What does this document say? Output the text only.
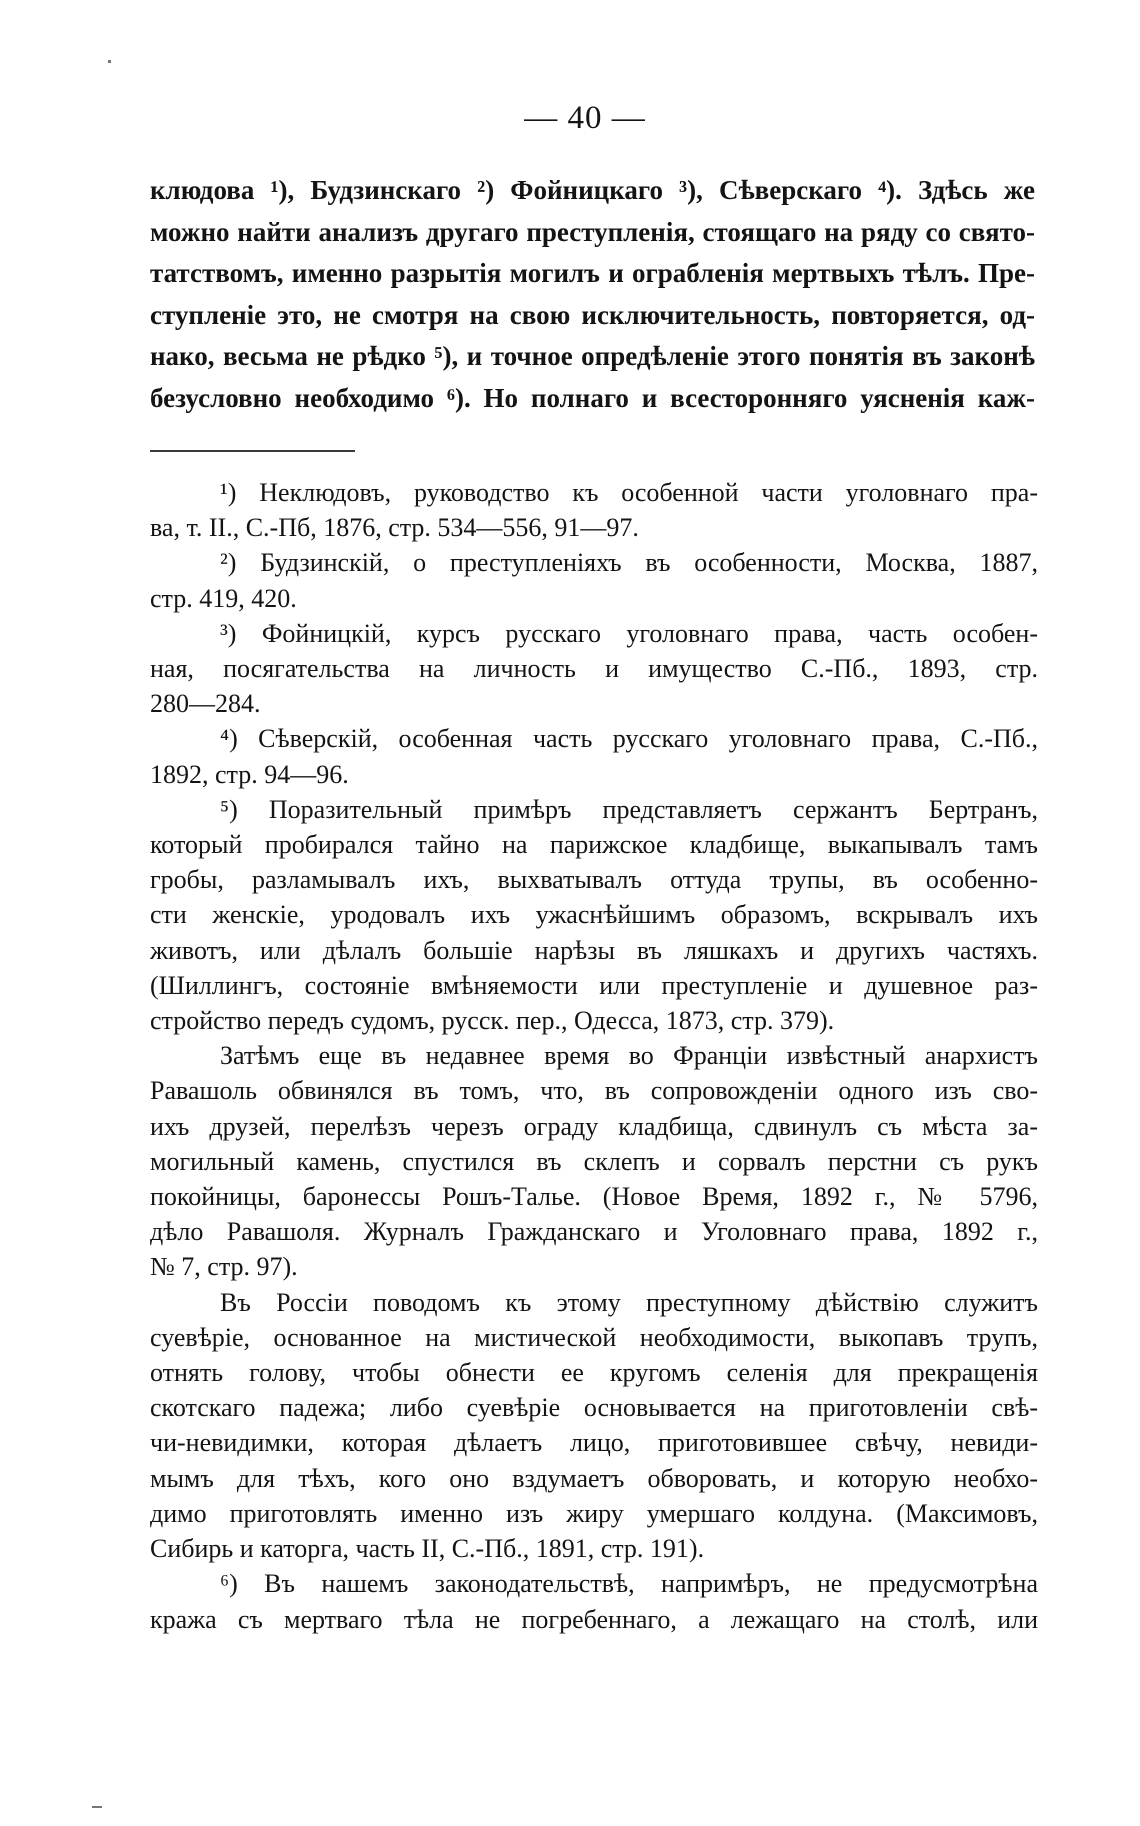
— 40 —
клюдова ¹), Будзинскаго ²) Фойницкаго ³), Сѣверскаго ⁴). Здѣсь же
можно найти анализъ другаго преступленія, стоящаго на ряду со свято-
татствомъ, именно разрытія могилъ и ограбленія мертвыхъ тѣлъ. Пре-
ступленіе это, не смотря на свою исключительность, повторяется, од-
нако, весьма не рѣдко ⁵), и точное опредѣленіе этого понятія въ законѣ
безусловно необходимо ⁶). Но полнаго и всесторонняго уясненія каж-
¹) Неклюдовъ, руководство къ особенной части уголовнаго пра-
ва, т. II., С.-Пб, 1876, стр. 534—556, 91—97.
²) Будзинскій, о преступленіяхъ въ особенности, Москва, 1887,
стр. 419, 420.
³) Фойницкій, курсъ русскаго уголовнаго права, часть особен-
ная, посягательства на личность и имущество С.-Пб., 1893, стр.
280—284.
⁴) Сѣверскій, особенная часть русскаго уголовнаго права, С.-Пб.,
1892, стр. 94—96.
⁵) Поразительный примѣръ представляетъ сержантъ Бертранъ,
который пробирался тайно на парижское кладбище, выкапывалъ тамъ
гробы, разламывалъ ихъ, выхватывалъ оттуда трупы, въ особенно-
сти женскіе, уродовалъ ихъ ужаснѣйшимъ образомъ, вскрывалъ ихъ
животъ, или дѣлалъ большіе нарѣзы въ ляшкахъ и другихъ частяхъ.
(Шиллингъ, состояніе вмѣняемости или преступленіе и душевное раз-
стройство передъ судомъ, русск. пер., Одесса, 1873, стр. 379).
Затѣмъ еще въ недавнее время во Франціи извѣстный анархистъ
Равашоль обвинялся въ томъ, что, въ сопровожденіи одного изъ сво-
ихъ друзей, перелѣзъ черезъ ограду кладбища, сдвинулъ съ мѣста за-
могильный камень, спустился въ склепъ и сорвалъ перстни съ рукъ
покойницы, баронессы Рошъ-Талье. (Новое Время, 1892 г., № 5796,
дѣло Равашоля. Журналъ Гражданскаго и Уголовнаго права, 1892 г.,
№ 7, стр. 97).
Въ Россіи поводомъ къ этому преступному дѣйствію служитъ
суевѣріе, основанное на мистической необходимости, выкопавъ трупъ,
отнять голову, чтобы обнести ее кругомъ селенія для прекращенія
скотскаго падежа; либо суевѣріе основывается на приготовленіи свѣ-
чи-невидимки, которая дѣлаетъ лицо, приготовившее свѣчу, невиди-
мымъ для тѣхъ, кого оно вздумаетъ обворовать, и которую необхо-
димо приготовлять именно изъ жиру умершаго колдуна. (Максимовъ,
Сибирь и каторга, часть II, С.-Пб., 1891, стр. 191).
⁶) Въ нашемъ законодательствѣ, напримѣръ, не предусмотрѣна
кража съ мертваго тѣла не погребеннаго, а лежащаго на столѣ, или
